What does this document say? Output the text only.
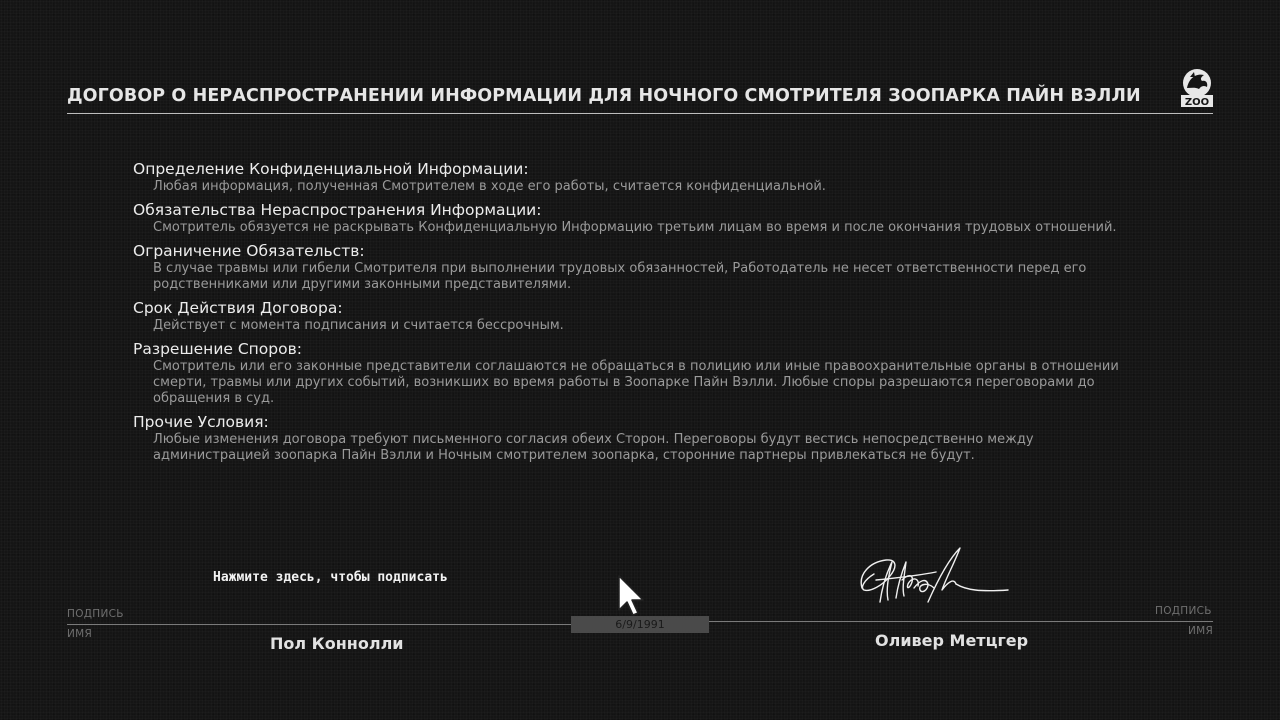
ДОГОВОР О НЕРАСПРОСТРАНЕНИИ ИНФОРМАЦИИ ДЛЯ НОЧНОГО СМОТРИТЕЛЯ ЗООПАРКА ПАЙН ВЭЛЛИ	ZOO
Определение Конфиденциальной Информации:
Любая информация, полученная Смотрителем в ходе его работы, считается конфиденциальной.
Обязательства Нераспространения Информации:
Смотритель обязуется не раскрывать Конфиденциальную Информацию третьим лицам во время и после окончания трудовых отношений.
Ограничение Обязательств:
В случае травмы или гибели Смотрителя при выполнении трудовых обязанностей, Работодатель не несет ответственности перед его родственниками или другими законными представителями.
Срок Действия Договора:
Действует с момента подписания и считается бессрочным.
Разрешение Споров:
Смотритель или его законные представители соглашаются не обращаться в полицию или иные правоохранительные органы в отношении смерти, травмы или других событий, возникших во время работы в Зоопарке Пайн Вэлли. Любые споры разрешаются переговорами до обращения в суд.
Прочие Условия:
Любые изменения договора требуют письменного согласия обеих Сторон. Переговоры будут вестись непосредственно между администрацией зоопарка Пайн Вэлли и Ночным смотрителем зоопарка, сторонние партнеры привлекаться не будут.
Нажмите здесь, чтобы подписать
ПОДПИСЬ
ИМЯ	Пол Коннолли
6/9/1991
ПОДПИСЬ
ИМЯ
Оливер Метцгер
